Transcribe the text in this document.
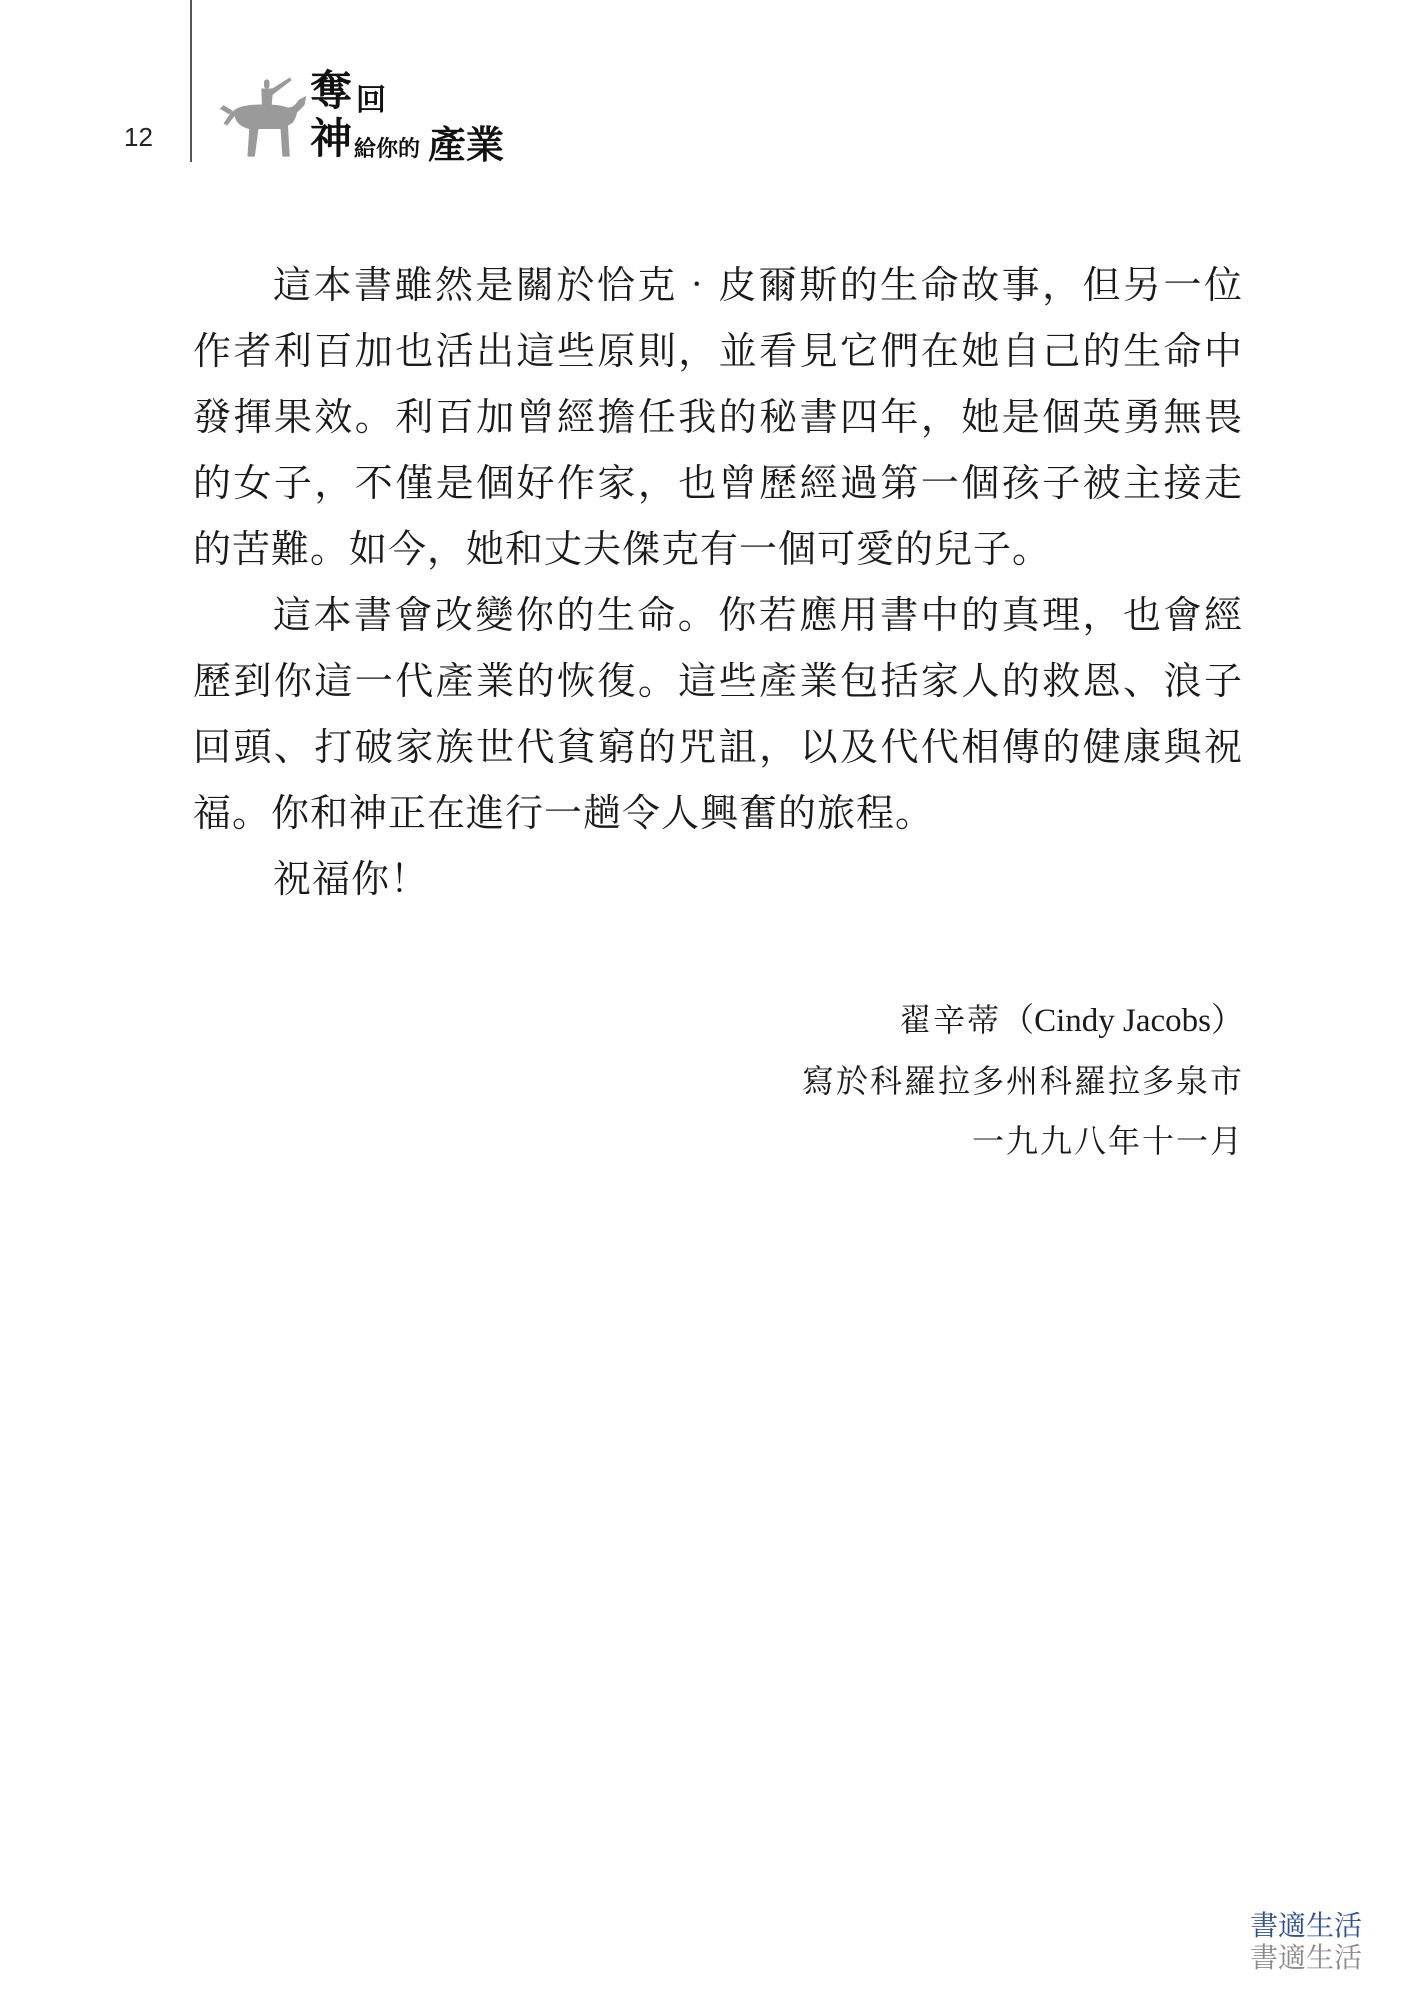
12
奪 回
神 給你的 產業

這本書雖然是關於恰克‧皮爾斯的生命故事，但另一位作者利百加也活出這些原則，並看見它們在她自己的生命中發揮果效。利百加曾經擔任我的秘書四年，她是個英勇無畏的女子，不僅是個好作家，也曾歷經過第一個孩子被主接走的苦難。如今，她和丈夫傑克有一個可愛的兒子。

這本書會改變你的生命。你若應用書中的真理，也會經歷到你這一代產業的恢復。這些產業包括家人的救恩、浪子回頭、打破家族世代貧窮的咒詛，以及代代相傳的健康與祝福。你和神正在進行一趟令人興奮的旅程。

祝福你！

翟辛蒂（Cindy Jacobs）
寫於科羅拉多州科羅拉多泉市
一九九八年十一月
書適生活
書適生活
